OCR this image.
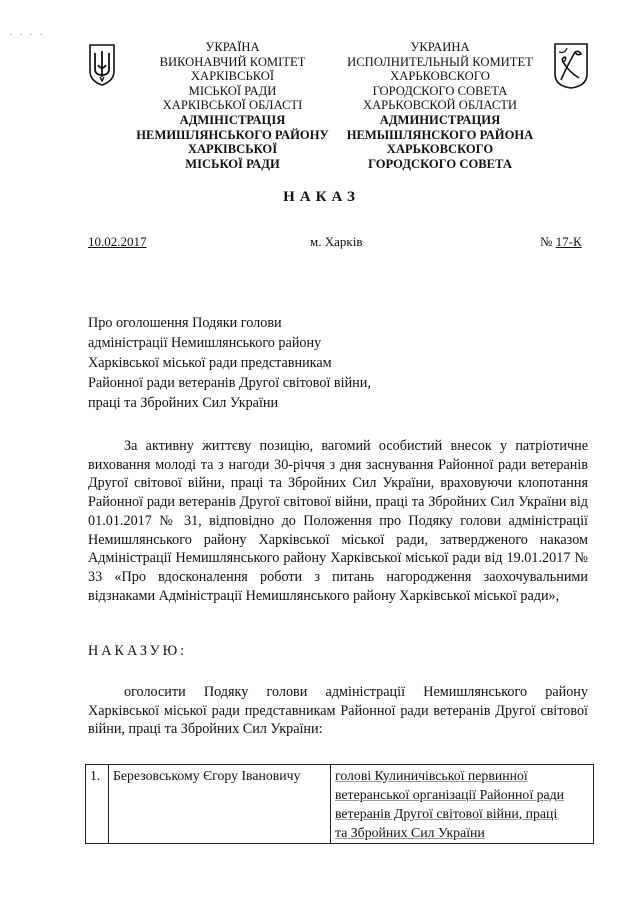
. . . .
УКРАЇНА
ВИКОНАВЧИЙ КОМІТЕТ
ХАРКІВСЬКОЇ
МІСЬКОЇ РАДИ
ХАРКІВСЬКОЇ ОБЛАСТІ
АДМІНІСТРАЦІЯ
НЕМИШЛЯНСЬКОГО РАЙОНУ
ХАРКІВСЬКОЇ
МІСЬКОЇ РАДИ
УКРАИНА
ИСПОЛНИТЕЛЬНЫЙ КОМИТЕТ
ХАРЬКОВСКОГО
ГОРОДСКОГО СОВЕТА
ХАРЬКОВСКОЙ ОБЛАСТИ
АДМИНИСТРАЦИЯ
НЕМЫШЛЯНСКОГО РАЙОНА
ХАРЬКОВСКОГО
ГОРОДСКОГО СОВЕТА
НАКАЗ
10.02.2017	м. Харків	№ 17-К
Про оголошення Подяки голови
адміністрації Немишлянського району
Харківської міської ради представникам
Районної ради ветеранів Другої світової війни,
праці та Збройних Сил України
За активну життєву позицію, вагомий особистий внесок у патріотичне виховання молоді та з нагоди 30-річчя з дня заснування Районної ради ветеранів Другої світової війни, праці та Збройних Сил України, враховуючи клопотання Районної ради ветеранів Другої світової війни, праці та Збройних Сил України від 01.01.2017 № 31, відповідно до Положення про Подяку голови адміністрації Немишлянського району Харківської міської ради, затвердженого наказом Адміністрації Немишлянського району Харківської міської ради від 19.01.2017 № 33 «Про вдосконалення роботи з питань нагородження заохочувальними відзнаками Адміністрації Немишлянського району Харківської міської ради»,
НАКАЗУЮ:
оголосити Подяку голови адміністрації Немишлянського району Харківської міської ради представникам Районної ради ветеранів Другої світової війни, праці та Збройних Сил України:
1.	Березовському Єгору Івановичу	голові Кулиничівської первинної
ветеранської організації Районної ради
ветеранів Другої світової війни, праці
та Збройних Сил України
